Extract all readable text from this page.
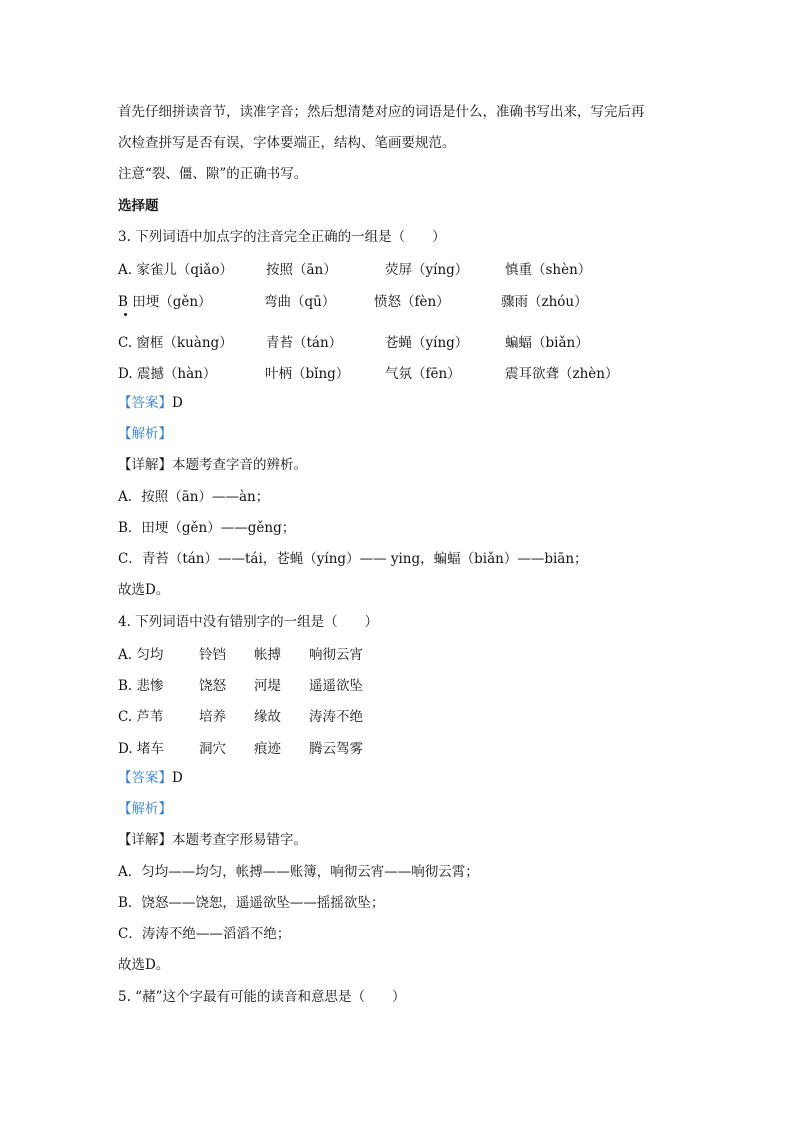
首先仔细拼读音节，读准字音；然后想清楚对应的词语是什么，准确书写出来，写完后再
次检查拼写是否有误，字体要端正，结构、笔画要规范。
注意“裂、僵、隙”的正确书写。
选择题
3. 下列词语中加点字的注音完全正确的一组是（　　）
A. 家雀儿（qiǎo） 按照（ān）	荧屏（yíng）	慎重（shèn）
B 田埂（gěn）	弯曲（qū）	愤怒（fèn）	骤雨（zhóu）
C. 窗框（kuàng） 青苔（tán）	苍蝇（yíng）	蝙蝠（biǎn）
D. 震撼（hàn）	叶柄（bǐng）	气氛（fēn）	震耳欲聋（zhèn）
【答案】D
【解析】
【详解】本题考查字音的辨析。
A．按照（ān）——àn；
B．田埂（gěn）——gěng；
C．青苔（tán）——tái，苍蝇（yíng）—— ying，蝙蝠（biǎn）——biān；
故选D。
4. 下列词语中没有错别字的一组是（　　）
A. 匀均	铃铛 帐搏 响彻云宵
B. 悲惨	饶怒 河堤 遥遥欲坠
C. 芦苇	培养 缘故 涛涛不绝
D. 堵车	洞穴 痕迹 腾云驾雾
【答案】D
【解析】
【详解】本题考查字形易错字。
A．匀均——均匀，帐搏——账簿，响彻云宵——响彻云霄；
B．饶怒——饶恕，遥遥欲坠——摇摇欲坠；
C．涛涛不绝——滔滔不绝；
故选D。
5. “赭”这个字最有可能的读音和意思是（　　）
